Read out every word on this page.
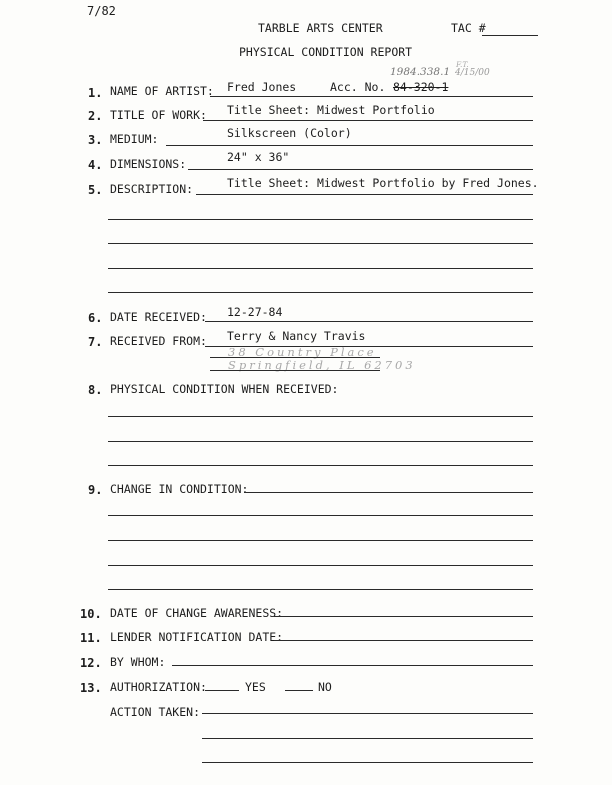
7/82
TARBLE ARTS CENTER	TAC #
PHYSICAL CONDITION REPORT
1. NAME OF ARTIST: Fred Jones	Acc. No. 84-320-1
1984.338.1
F.T.
4/15/00
2. TITLE OF WORK: Title Sheet: Midwest Portfolio
3. MEDIUM:	Silkscreen (Color)
4. DIMENSIONS:	24" x 36"
5. DESCRIPTION:	Title Sheet: Midwest Portfolio by Fred Jones.
6. DATE RECEIVED: 12-27-84
7. RECEIVED FROM: Terry & Nancy Travis
38 Country Place
Springfield, IL 62703
8. PHYSICAL CONDITION WHEN RECEIVED:
9. CHANGE IN CONDITION:
10. DATE OF CHANGE AWARENESS:
11. LENDER NOTIFICATION DATE:
12. BY WHOM:
13. AUTHORIZATION:	YES	NO
ACTION TAKEN:
